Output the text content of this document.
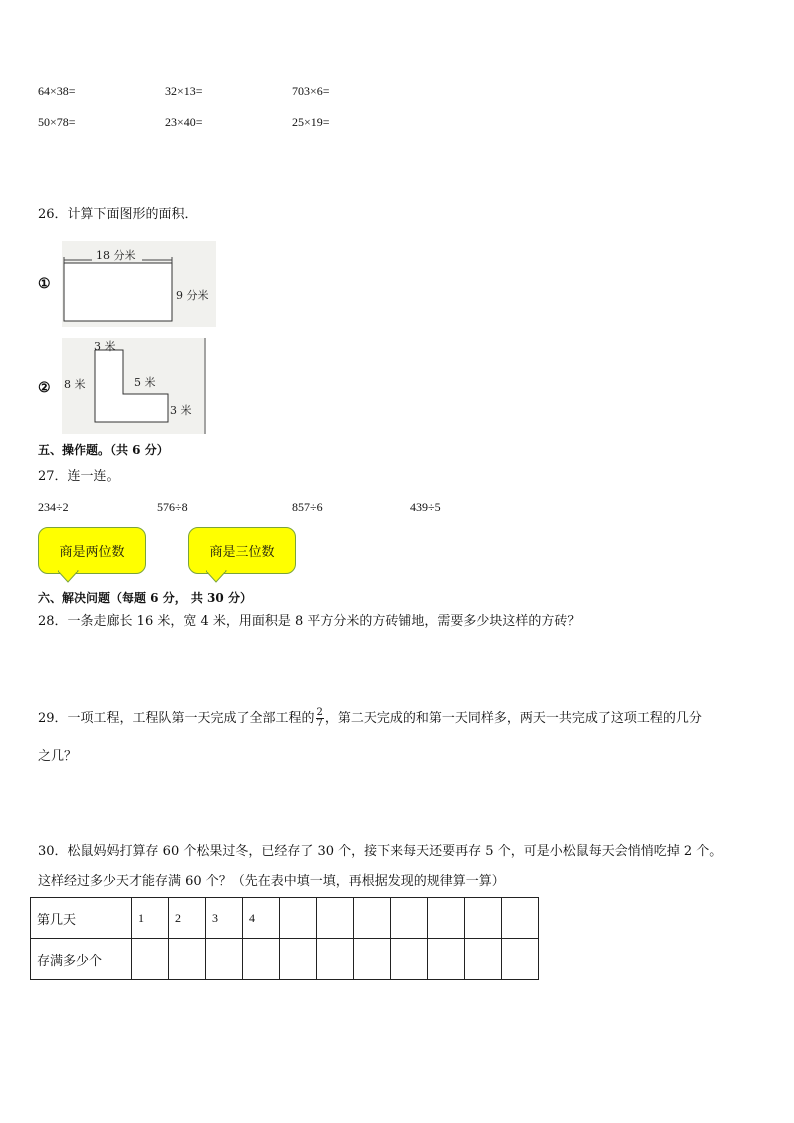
64×38=	32×13=	703×6=
50×78=	23×40=	25×19=
26．计算下面图形的面积．
①
18 分米
9 分米
②
3 米
8 米	5 米
3 米
五、操作题。（共 6 分）
27．连一连。
234÷2	576÷8	857÷6	439÷5
商是两位数	商是三位数
六、解决问题（每题 6 分， 共 30 分）
28．一条走廊长 16 米，宽 4 米，用面积是 8 平方分米的方砖铺地，需要多少块这样的方砖？
29．一项工程，工程队第一天完成了全部工程的 $\frac{2}{7}$ ，第二天完成的和第一天同样多，两天一共完成了这项工程的几分
之几？
30．松鼠妈妈打算存 60 个松果过冬，已经存了 30 个，接下来每天还要再存 5 个，可是小松鼠每天会悄悄吃掉 2 个。
这样经过多少天才能存满 60 个？（先在表中填一填，再根据发现的规律算一算）
第几天	1	2	3	4							
存满多少个											
